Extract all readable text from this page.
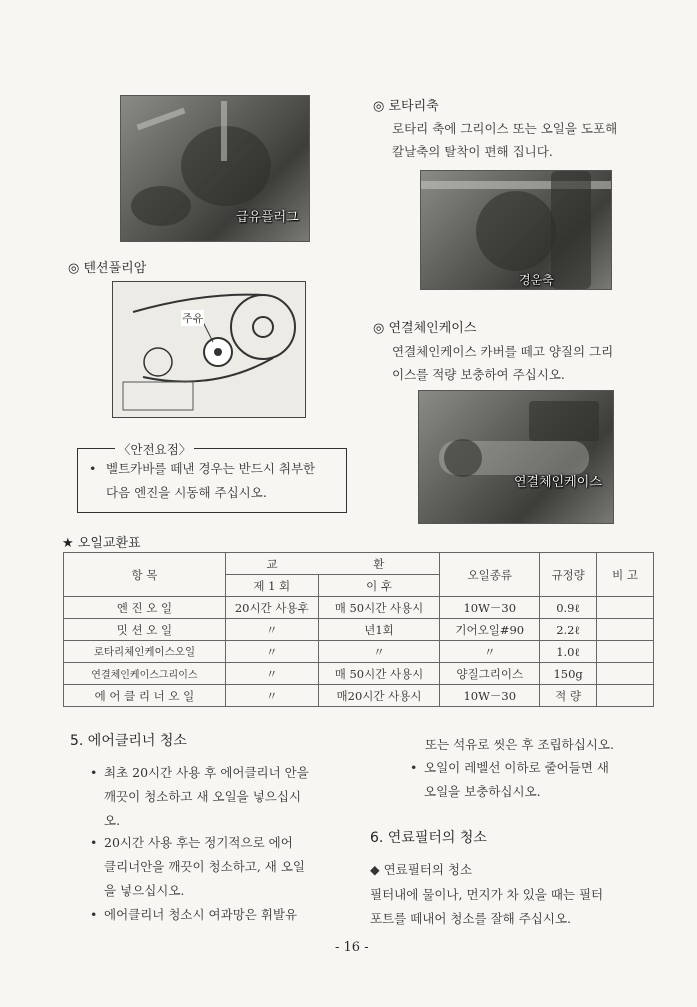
급유플러그
◎ 텐션풀리암
주유
〈안전요점〉
• 벨트카바를 떼낸 경우는 반드시 취부한
다음 엔진을 시동해 주십시오.
◎ 로타리축
로타리 축에 그리이스 또는 오일을 도포해
칼날축의 탈착이 편해 집니다.
경운축
◎ 연결체인케이스
연결체인케이스 카버를 떼고 양질의 그리
이스를 적량 보충하여 주십시오.
연결체인케이스
★ 오일교환표
항 목	교	환	오일종류	규정량	비 고
	제 1 회	이 후			
엔 진 오 일	20시간 사용후	매 50시간 사용시	10W－30	0.9ℓ	
밋 션 오 일	〃	년1회	기어오일#90	2.2ℓ	
로타리체인케이스오일	〃	〃	〃	1.0ℓ	
연결체인케이스그리이스	〃	매 50시간 사용시	양질그리이스	150g	
에 어 클 리 너 오 일	〃	매20시간 사용시	10W－30	적 량	
5. 에어클리너 청소
• 최초 20시간 사용 후 에어클리너 안을
깨끗이 청소하고 새 오일을 넣으십시
오.
• 20시간 사용 후는 정기적으로 에어
클리너안을 깨끗이 청소하고, 새 오일
을 넣으십시오.
• 에어클리너 청소시 여과망은 휘발유
또는 석유로 씻은 후 조립하십시오.
• 오일이 레벨선 이하로 줄어들면 새
오일을 보충하십시오.
6. 연료필터의 청소
◆ 연료필터의 청소
필터내에 물이나, 먼지가 차 있을 때는 필터
포트를 떼내어 청소를 잘해 주십시오.
- 16 -
